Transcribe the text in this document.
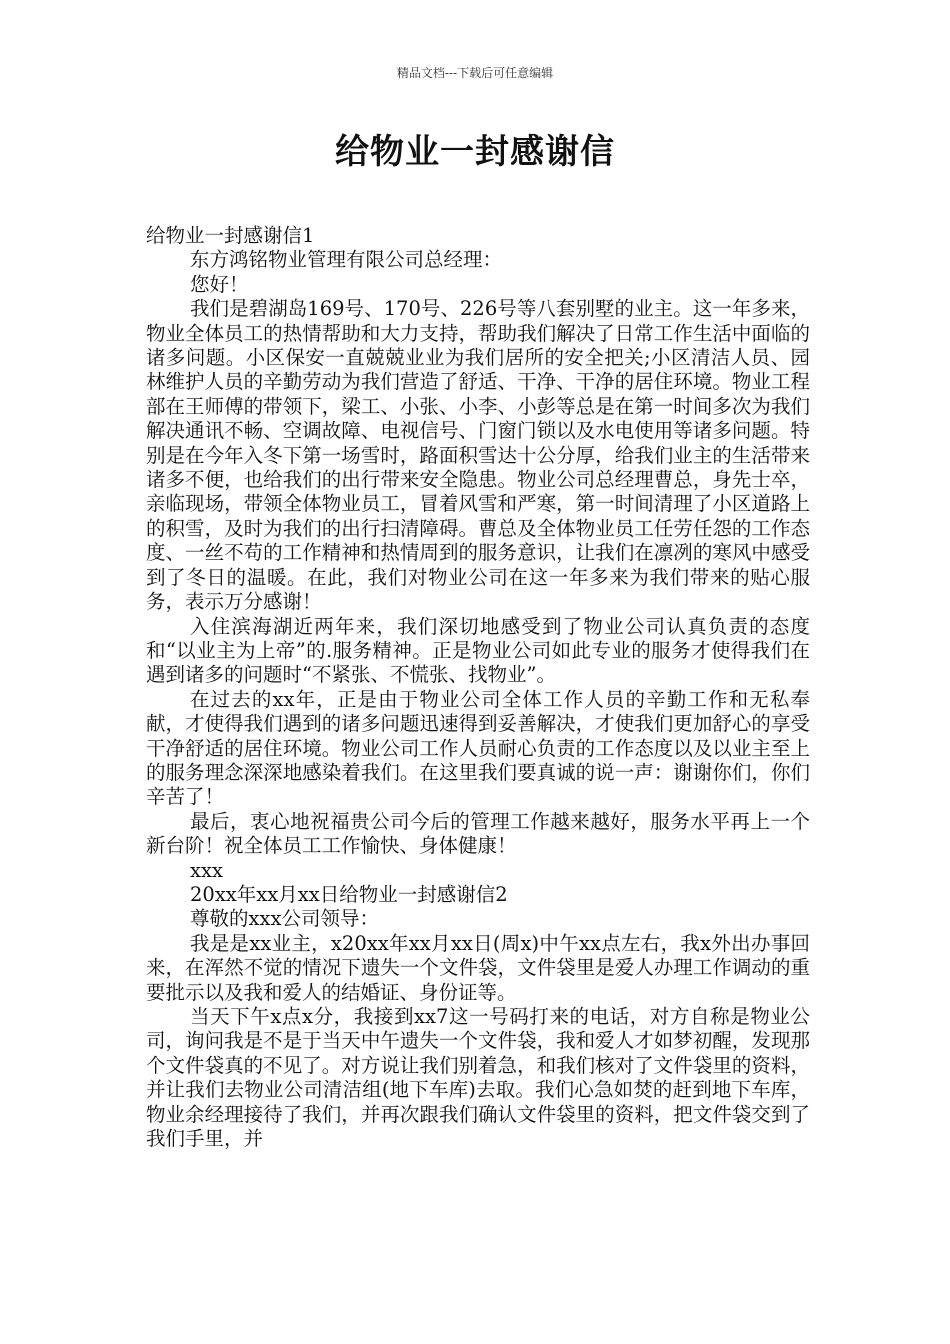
精品文档---下载后可任意编辑
给物业一封感谢信

给物业一封感谢信1

东方鸿铭物业管理有限公司总经理：

您好！

我们是碧湖岛169号、170号、226号等八套别墅的业主。这一年多来，物业全体员工的热情帮助和大力支持，帮助我们解决了日常工作生活中面临的诸多问题。小区保安一直兢兢业业为我们居所的安全把关;小区清洁人员、园林维护人员的辛勤劳动为我们营造了舒适、干净、干净的居住环境。物业工程部在王师傅的带领下，梁工、小张、小李、小彭等总是在第一时间多次为我们解决通讯不畅、空调故障、电视信号、门窗门锁以及水电使用等诸多问题。特别是在今年入冬下第一场雪时，路面积雪达十公分厚，给我们业主的生活带来诸多不便，也给我们的出行带来安全隐患。物业公司总经理曹总，身先士卒，亲临现场，带领全体物业员工，冒着风雪和严寒，第一时间清理了小区道路上的积雪，及时为我们的出行扫清障碍。曹总及全体物业员工任劳任怨的工作态度、一丝不苟的工作精神和热情周到的服务意识，让我们在凛冽的寒风中感受到了冬日的温暖。在此，我们对物业公司在这一年多来为我们带来的贴心服务，表示万分感谢！

入住滨海湖近两年来，我们深切地感受到了物业公司认真负责的态度和“以业主为上帝”的.服务精神。正是物业公司如此专业的服务才使得我们在遇到诸多的问题时“不紧张、不慌张、找物业”。

在过去的xx年，正是由于物业公司全体工作人员的辛勤工作和无私奉献，才使得我们遇到的诸多问题迅速得到妥善解决，才使我们更加舒心的享受干净舒适的居住环境。物业公司工作人员耐心负责的工作态度以及以业主至上的服务理念深深地感染着我们。在这里我们要真诚的说一声：谢谢你们，你们辛苦了！

最后，衷心地祝福贵公司今后的管理工作越来越好，服务水平再上一个新台阶！祝全体员工工作愉快、身体健康！

xxx

20xx年xx月xx日给物业一封感谢信2

尊敬的xxx公司领导：

我是是xx业主，x20xx年xx月xx日(周x)中午xx点左右，我x外出办事回来，在浑然不觉的情况下遗失一个文件袋，文件袋里是爱人办理工作调动的重要批示以及我和爱人的结婚证、身份证等。

当天下午x点x分，我接到xx7这一号码打来的电话，对方自称是物业公司，询问我是不是于当天中午遗失一个文件袋，我和爱人才如梦初醒，发现那个文件袋真的不见了。对方说让我们别着急，和我们核对了文件袋里的资料，并让我们去物业公司清洁组(地下车库)去取。我们心急如焚的赶到地下车库，物业余经理接待了我们，并再次跟我们确认文件袋里的资料，把文件袋交到了我们手里，并
